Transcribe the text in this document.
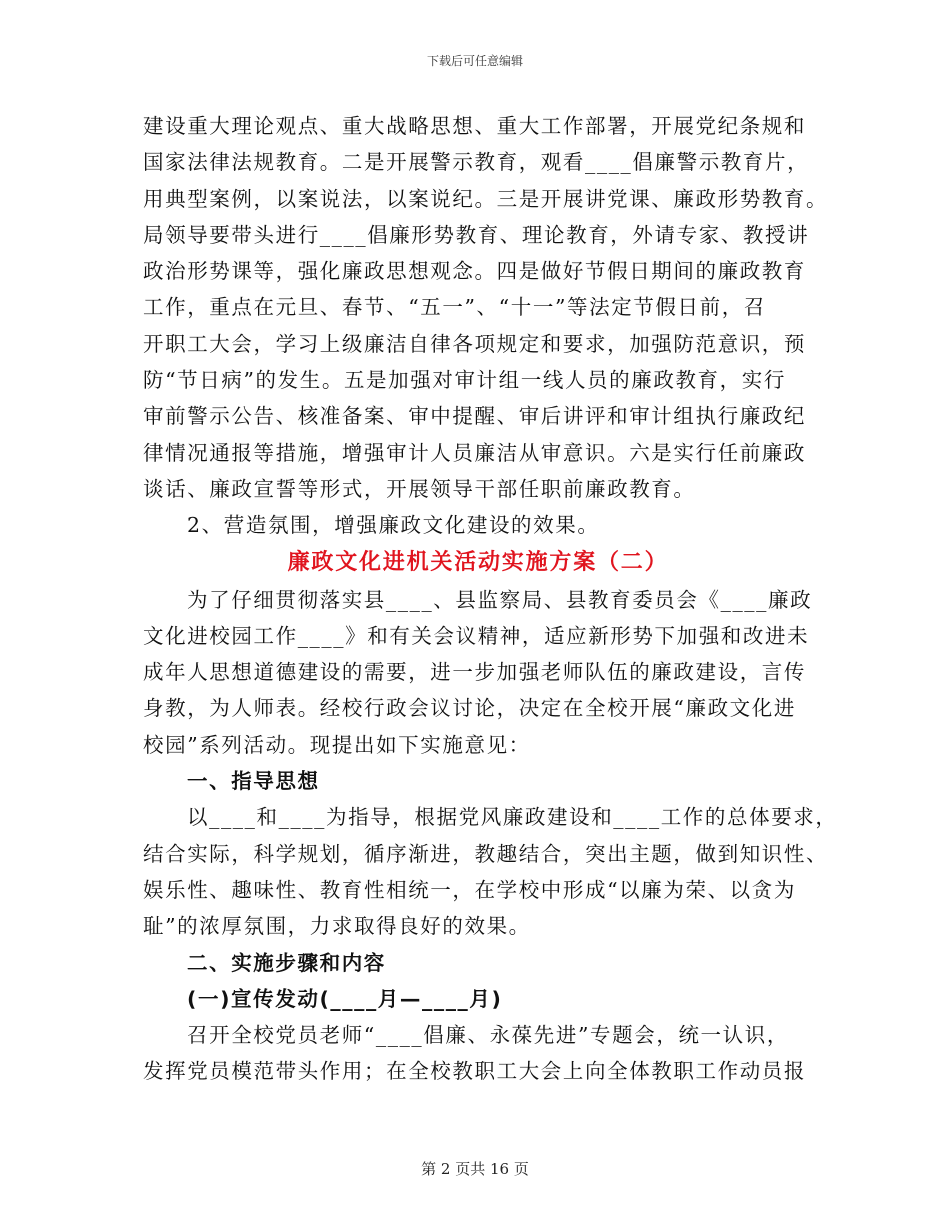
下载后可任意编辑
建设重大理论观点、重大战略思想、重大工作部署，开展党纪条规和
国家法律法规教育。二是开展警示教育，观看____倡廉警示教育片，
用典型案例，以案说法，以案说纪。三是开展讲党课、廉政形势教育。
局领导要带头进行____倡廉形势教育、理论教育，外请专家、教授讲
政治形势课等，强化廉政思想观念。四是做好节假日期间的廉政教育
工作，重点在元旦、春节、“五一”、“十一”等法定节假日前，召
开职工大会，学习上级廉洁自律各项规定和要求，加强防范意识，预
防“节日病”的发生。五是加强对审计组一线人员的廉政教育，实行
审前警示公告、核准备案、审中提醒、审后讲评和审计组执行廉政纪
律情况通报等措施，增强审计人员廉洁从审意识。六是实行任前廉政
谈话、廉政宣誓等形式，开展领导干部任职前廉政教育。
2、营造氛围，增强廉政文化建设的效果。
廉政文化进机关活动实施方案（二）
为了仔细贯彻落实县____、县监察局、县教育委员会《____廉政
文化进校园工作____》和有关会议精神，适应新形势下加强和改进未
成年人思想道德建设的需要，进一步加强老师队伍的廉政建设，言传
身教，为人师表。经校行政会议讨论，决定在全校开展“廉政文化进
校园”系列活动。现提出如下实施意见：
一、指导思想
以____和____为指导，根据党风廉政建设和____工作的总体要求，
结合实际，科学规划，循序渐进，教趣结合，突出主题，做到知识性、
娱乐性、趣味性、教育性相统一，在学校中形成“以廉为荣、以贪为
耻”的浓厚氛围，力求取得良好的效果。
二、实施步骤和内容
(一)宣传发动(____月—____月)
召开全校党员老师“____倡廉、永葆先进”专题会，统一认识，
发挥党员模范带头作用；在全校教职工大会上向全体教职工作动员报
第 2 页共 16 页
